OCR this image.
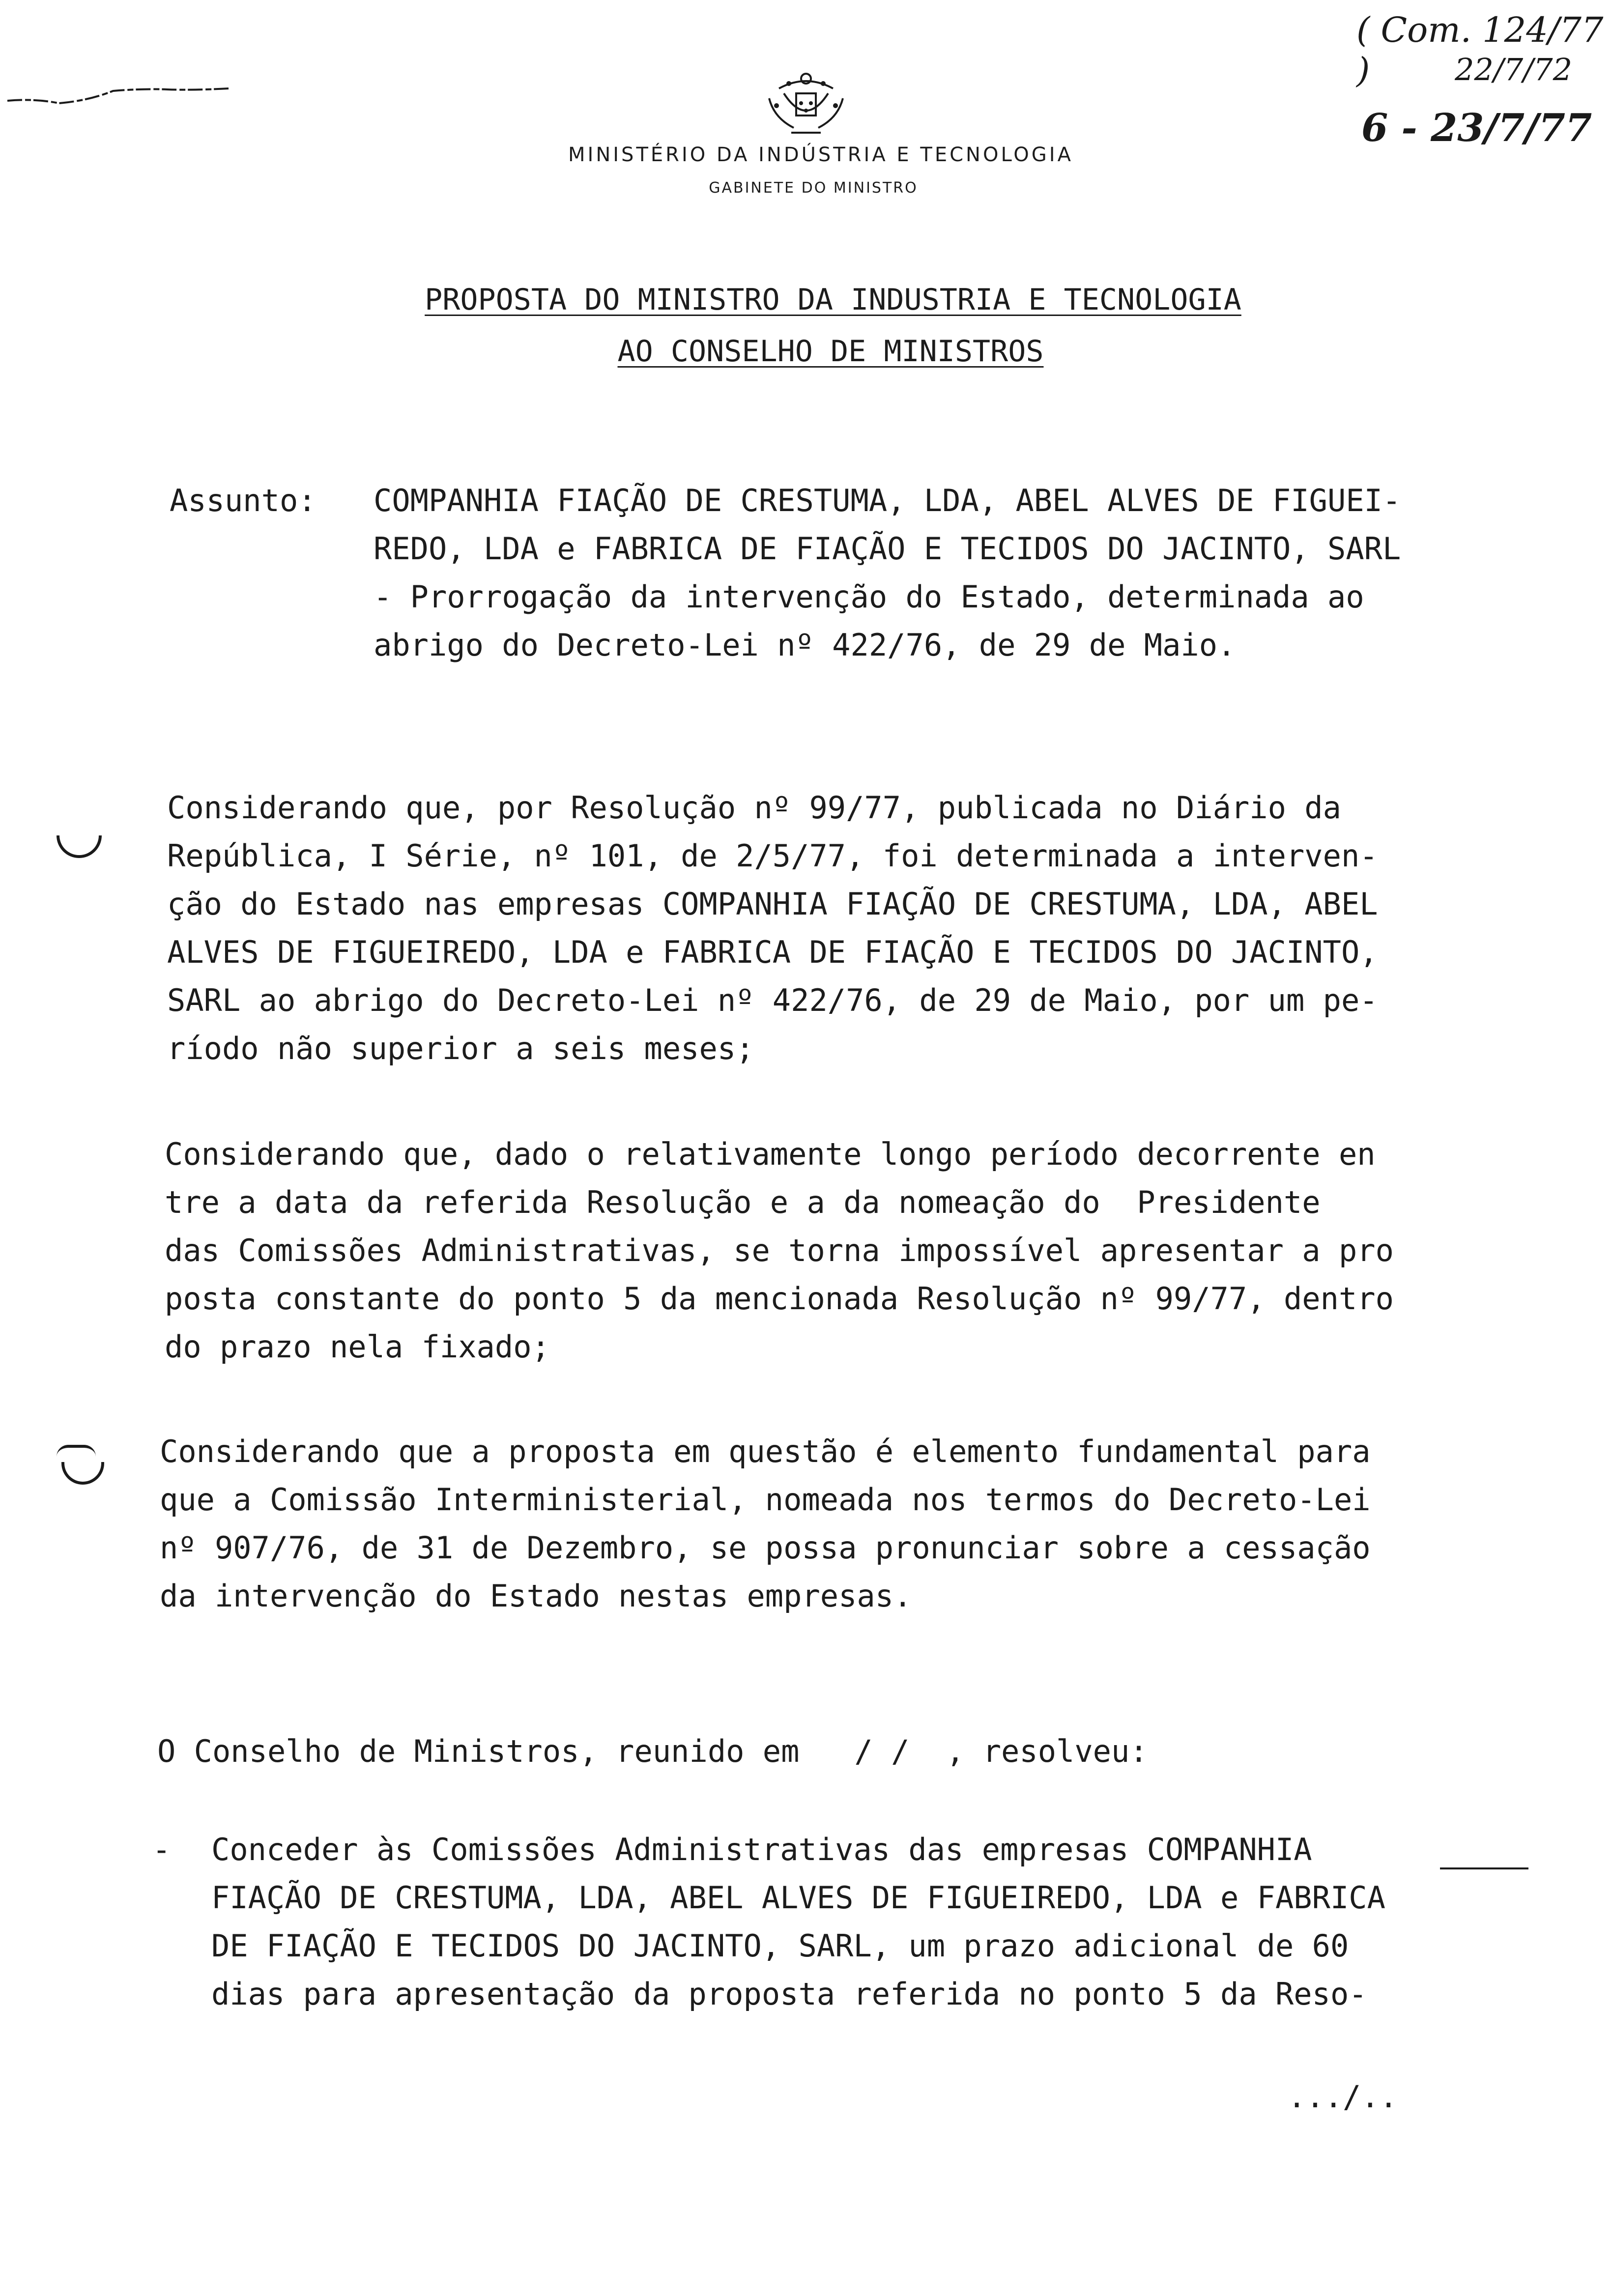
MINISTÉRIO DA INDÚSTRIA E TECNOLOGIA
GABINETE DO MINISTRO
( Com. 124/77 )	22/7/72
6 - 23/7/77
PROPOSTA DO MINISTRO DA INDUSTRIA E TECNOLOGIA
AO CONSELHO DE MINISTROS
Assunto: COMPANHIA FIAÇÃO DE CRESTUMA, LDA, ABEL ALVES DE FIGUEI-
REDO, LDA e FABRICA DE FIAÇÃO E TECIDOS DO JACINTO, SARL
- Prorrogação da intervenção do Estado, determinada ao
abrigo do Decreto-Lei nº 422/76, de 29 de Maio.
Considerando que, por Resolução nº 99/77, publicada no Diário da
República, I Série, nº 101, de 2/5/77, foi determinada a interven-
ção do Estado nas empresas COMPANHIA FIAÇÃO DE CRESTUMA, LDA, ABEL
ALVES DE FIGUEIREDO, LDA e FABRICA DE FIAÇÃO E TECIDOS DO JACINTO,
SARL ao abrigo do Decreto-Lei nº 422/76, de 29 de Maio, por um pe-
ríodo não superior a seis meses;
Considerando que, dado o relativamente longo período decorrente en
tre a data da referida Resolução e a da nomeação do  Presidente
das Comissões Administrativas, se torna impossível apresentar a pro
posta constante do ponto 5 da mencionada Resolução nº 99/77, dentro
do prazo nela fixado;
Considerando que a proposta em questão é elemento fundamental para
que a Comissão Interministerial, nomeada nos termos do Decreto-Lei
nº 907/76, de 31 de Dezembro, se possa pronunciar sobre a cessação
da intervenção do Estado nestas empresas.
O Conselho de Ministros, reunido em   / /  , resolveu:
- Conceder às Comissões Administrativas das empresas COMPANHIA
FIAÇÃO DE CRESTUMA, LDA, ABEL ALVES DE FIGUEIREDO, LDA e FABRICA
DE FIAÇÃO E TECIDOS DO JACINTO, SARL, um prazo adicional de 60
dias para apresentação da proposta referida no ponto 5 da Reso-
.../..
